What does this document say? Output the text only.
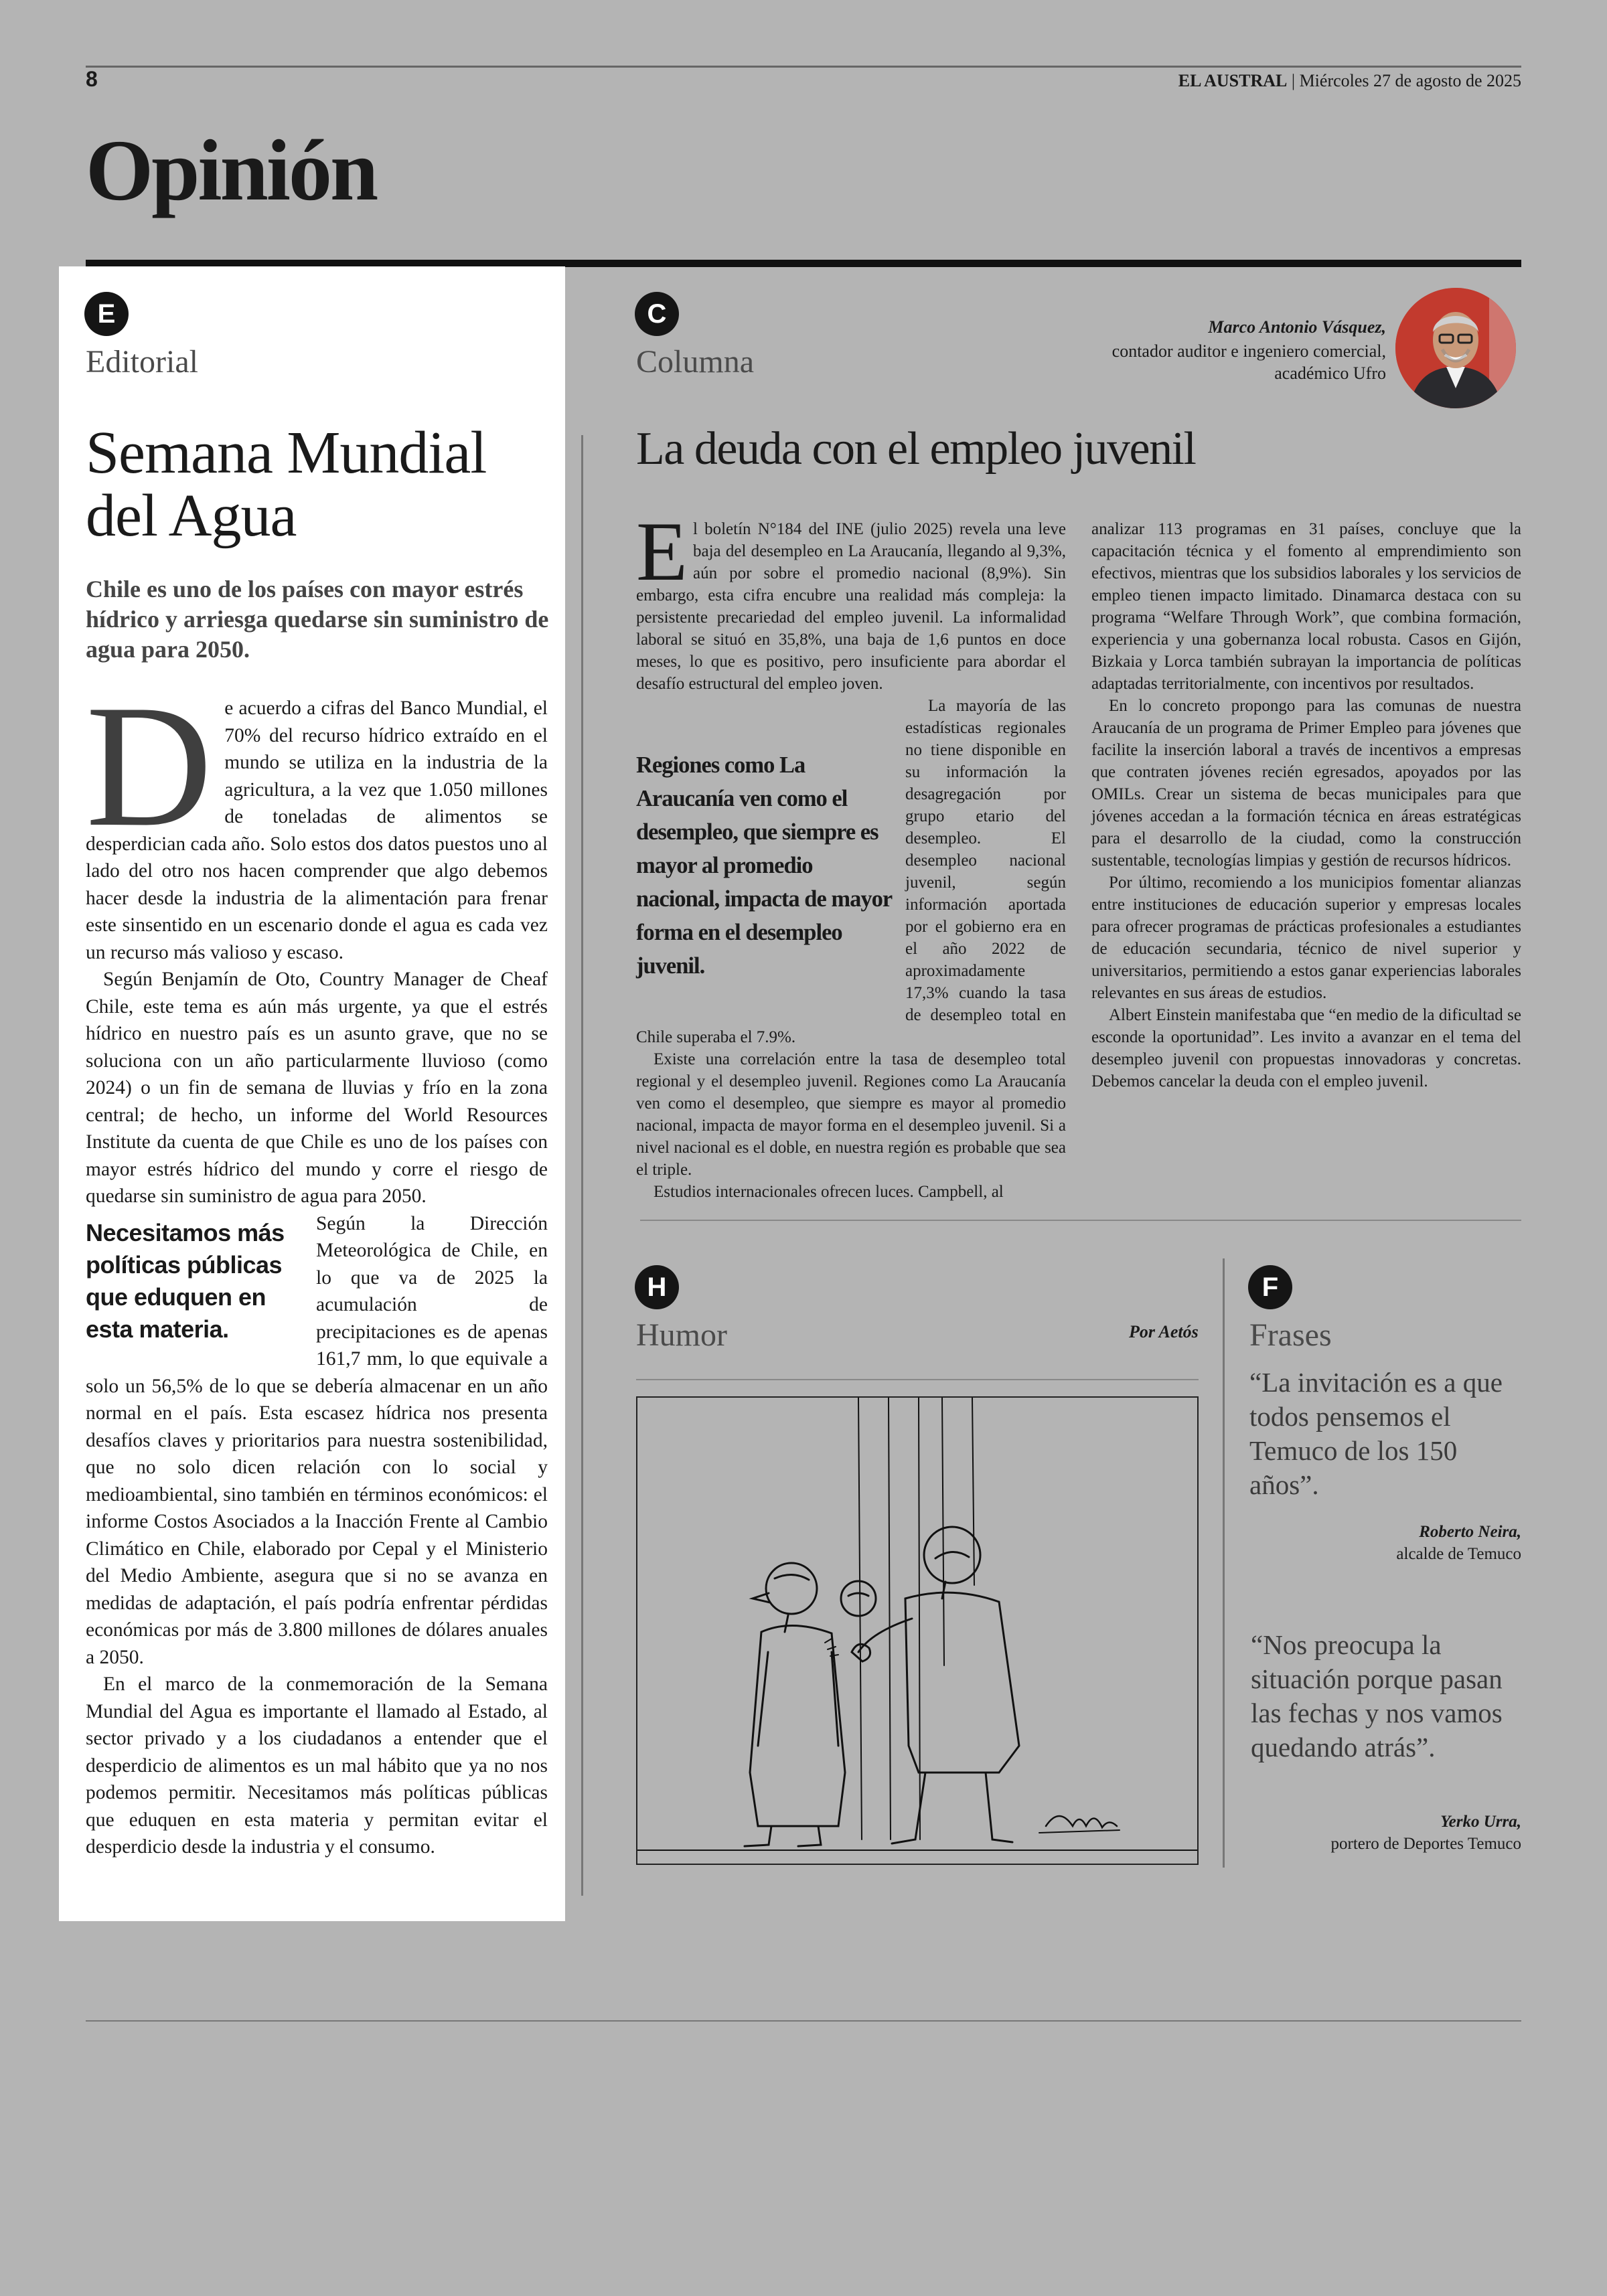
8	EL AUSTRAL | Miércoles 27 de agosto de 2025
Opinión
E
Editorial
Semana Mundial del Agua
Chile es uno de los países con mayor estrés hídrico y arriesga quedarse sin suministro de agua para 2050.

De acuerdo a cifras del Banco Mundial, el 70% del recurso hídrico extraído en el mundo se utiliza en la industria de la agricultura, a la vez que 1.050 millones de toneladas de alimentos se desperdician cada año. Solo estos dos datos puestos uno al lado del otro nos hacen comprender que algo debemos hacer desde la industria de la alimentación para frenar este sinsentido en un escenario donde el agua es cada vez un recurso más valioso y escaso.

Según Benjamín de Oto, Country Manager de Cheaf Chile, este tema es aún más urgente, ya que el estrés hídrico en nuestro país es un asunto grave, que no se soluciona con un año particularmente lluvioso (como 2024) o un fin de semana de lluvias y frío en la zona central; de hecho, un informe del World Resources Institute da cuenta de que Chile es uno de los países con mayor estrés hídrico del mundo y corre el riesgo de quedarse sin suministro de agua para 2050.

Necesitamos más políticas públicas que eduquen en esta materia.
Según la Dirección Meteorológica de Chile, en lo que va de 2025 la acumulación de precipitaciones es de apenas 161,7 mm, lo que equivale a solo un 56,5% de lo que se debería almacenar en un año normal en el país. Esta escasez hídrica nos presenta desafíos claves y prioritarios para nuestra sostenibilidad, que no solo dicen relación con lo social y medioambiental, sino también en términos económicos: el informe Costos Asociados a la Inacción Frente al Cambio Climático en Chile, elaborado por Cepal y el Ministerio del Medio Ambiente, asegura que si no se avanza en medidas de adaptación, el país podría enfrentar pérdidas económicas por más de 3.800 millones de dólares anuales a 2050.

En el marco de la conmemoración de la Semana Mundial del Agua es importante el llamado al Estado, al sector privado y a los ciudadanos a entender que el desperdicio de alimentos es un mal hábito que ya no nos podemos permitir. Necesitamos más políticas públicas que eduquen en esta materia y permitan evitar el desperdicio desde la industria y el consumo.

C
Columna
Marco Antonio Vásquez,
contador auditor e ingeniero comercial, académico Ufro
La deuda con el empleo juvenil

El boletín N°184 del INE (julio 2025) revela una leve baja del desempleo en La Araucanía, llegando al 9,3%, aún por sobre el promedio nacional (8,9%). Sin embargo, esta cifra encubre una realidad más compleja: la persistente precariedad del empleo juvenil. La informalidad laboral se situó en 35,8%, una baja de 1,6 puntos en doce meses, lo que es positivo, pero insuficiente para abordar el desafío estructural del empleo joven.

Regiones como La Araucanía ven como el desempleo, que siempre es mayor al promedio nacional, impacta de mayor forma en el desempleo juvenil.
La mayoría de las estadísticas regionales no tiene disponible en su información la desagregación por grupo etario del desempleo. El desempleo nacional juvenil, según información aportada por el gobierno era en el año 2022 de aproximadamente 17,3% cuando la tasa de desempleo total en Chile superaba el 7.9%.

Existe una correlación entre la tasa de desempleo total regional y el desempleo juvenil. Regiones como La Araucanía ven como el desempleo, que siempre es mayor al promedio nacional, impacta de mayor forma en el desempleo juvenil. Si a nivel nacional es el doble, en nuestra región es probable que sea el triple.

Estudios internacionales ofrecen luces. Campbell, al

analizar 113 programas en 31 países, concluye que la capacitación técnica y el fomento al emprendimiento son efectivos, mientras que los subsidios laborales y los servicios de empleo tienen impacto limitado. Dinamarca destaca con su programa “Welfare Through Work”, que combina formación, experiencia y una gobernanza local robusta. Casos en Gijón, Bizkaia y Lorca también subrayan la importancia de políticas adaptadas territorialmente, con incentivos por resultados.

En lo concreto propongo para las comunas de nuestra Araucanía de un programa de Primer Empleo para jóvenes que facilite la inserción laboral a través de incentivos a empresas que contraten jóvenes recién egresados, apoyados por las OMILs. Crear un sistema de becas municipales para que jóvenes accedan a la formación técnica en áreas estratégicas para el desarrollo de la ciudad, como la construcción sustentable, tecnologías limpias y gestión de recursos hídricos.

Por último, recomiendo a los municipios fomentar alianzas entre instituciones de educación superior y empresas locales para ofrecer programas de prácticas profesionales a estudiantes de educación secundaria, técnico de nivel superior y universitarios, permitiendo a estos ganar experiencias laborales relevantes en sus áreas de estudios.

Albert Einstein manifestaba que “en medio de la dificultad se esconde la oportunidad”. Les invito a avanzar en el tema del desempleo juvenil con propuestas innovadoras y concretas. Debemos cancelar la deuda con el empleo juvenil.

H
Humor	Por Aetós
F
Frases
“La invitación es a que todos pensemos el Temuco de los 150 años”.
Roberto Neira,
alcalde de Temuco
“Nos preocupa la situación porque pasan las fechas y nos vamos quedando atrás”.
Yerko Urra,
portero de Deportes Temuco
